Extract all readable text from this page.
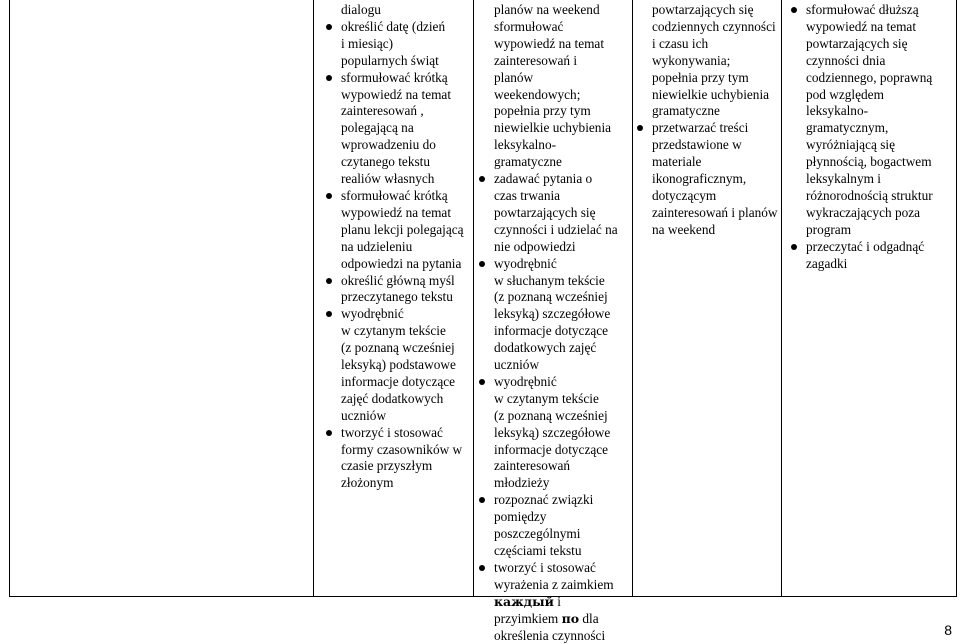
dialogu
określić datę (dzień
i miesiąc)
popularnych świąt
sformułować krótką
wypowiedź na temat
zainteresowań ,
polegającą na
wprowadzeniu do
czytanego tekstu
realiów własnych
sformułować krótką
wypowiedź na temat
planu lekcji polegającą
na udzieleniu
odpowiedzi na pytania
określić główną myśl
przeczytanego tekstu
wyodrębnić
w czytanym tekście
(z poznaną wcześniej
leksyką) podstawowe
informacje dotyczące
zajęć dodatkowych
uczniów
tworzyć i stosować
formy czasowników w
czasie przyszłym
złożonym
planów na weekend
sformułować
wypowiedź na temat
zainteresowań i
planów
weekendowych;
popełnia przy tym
niewielkie uchybienia
leksykalno-
gramatyczne
zadawać pytania o
czas trwania
powtarzających się
czynności i udzielać na
nie odpowiedzi
wyodrębnić
w słuchanym tekście
(z poznaną wcześniej
leksyką) szczegółowe
informacje dotyczące
dodatkowych zajęć
uczniów
wyodrębnić
w czytanym tekście
(z poznaną wcześniej
leksyką) szczegółowe
informacje dotyczące
zainteresowań
młodzieży
rozpoznać związki
pomiędzy
poszczególnymi
częściami tekstu
tworzyć i stosować
wyrażenia z zaimkiem
каждый i
przyimkiem по dla
określenia czynności
powtarzających się
codziennych czynności
i czasu ich
wykonywania;
popełnia przy tym
niewielkie uchybienia
gramatyczne
przetwarzać treści
przedstawione w
materiale
ikonograficznym,
dotyczącym
zainteresowań i planów
na weekend
sformułować dłuższą
wypowiedź na temat
powtarzających się
czynności dnia
codziennego, poprawną
pod względem
leksykalno-
gramatycznym,
wyróżniającą się
płynnością, bogactwem
leksykalnym i
różnorodnością struktur
wykraczających poza
program
przeczytać i odgadnąć
zagadki
8
